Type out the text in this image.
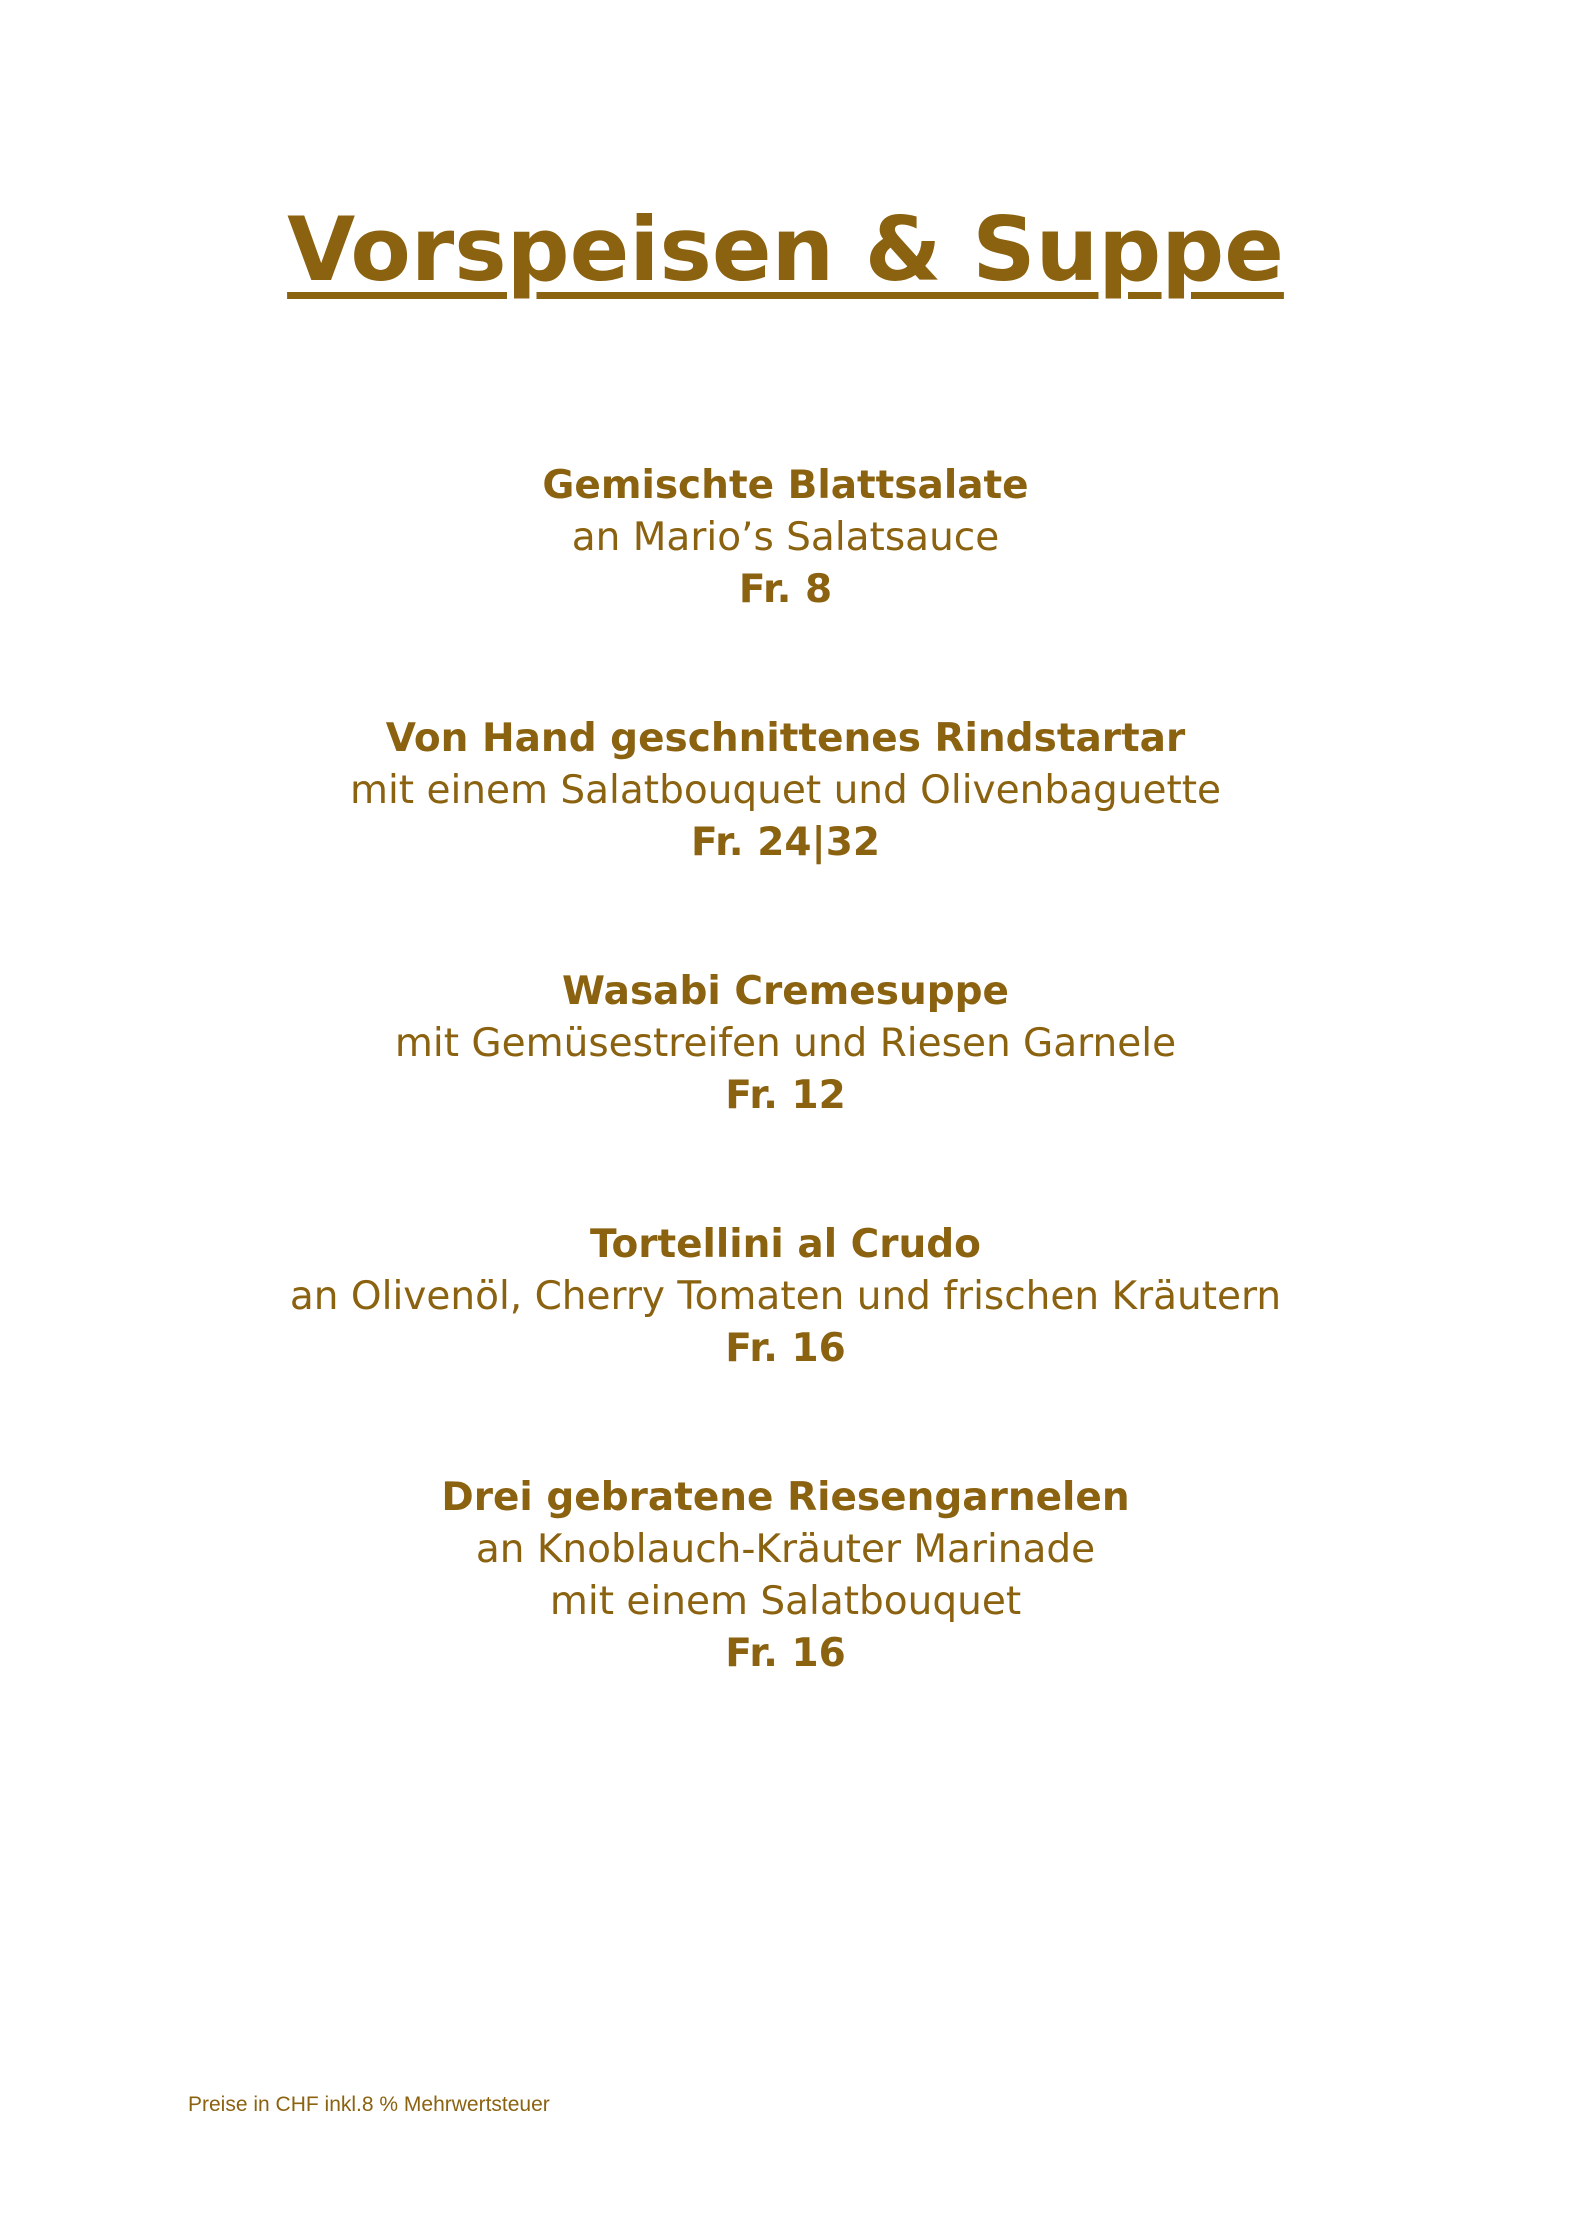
Vorspeisen & Suppe
Gemischte Blattsalate
an Mario’s Salatsauce
Fr. 8
Von Hand geschnittenes Rindstartar
mit einem Salatbouquet und Olivenbaguette
Fr. 24|32
Wasabi Cremesuppe
mit Gemüsestreifen und Riesen Garnele
Fr. 12
Tortellini al Crudo
an Olivenöl, Cherry Tomaten und frischen Kräutern
Fr. 16
Drei gebratene Riesengarnelen
an Knoblauch-Kräuter Marinade
mit einem Salatbouquet
Fr. 16
Preise in CHF inkl.8 % Mehrwertsteuer
